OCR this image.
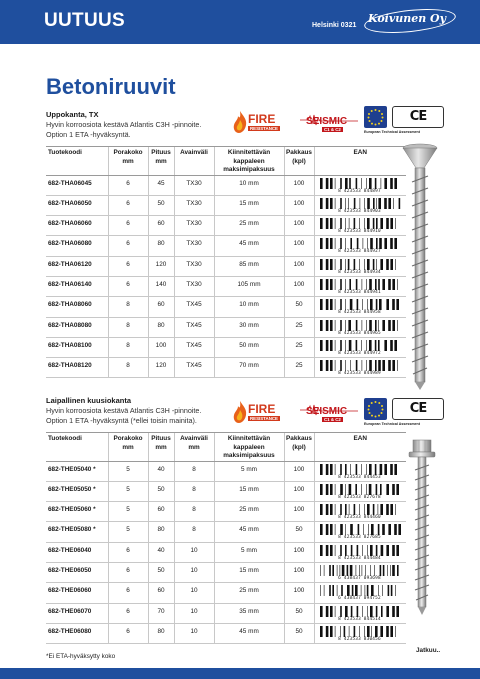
UUTUUS	Helsinki 0321
Koivunen Oy
Betoniruuvit
Uppokanta, TX
Hyvin korroosiota kestävä Atlantis C3H -pinnoite.
Option 1 ETA -hyväksyntä.
FIRE
RESISTANCE
SEISMIC
C1 & C2
CE
European Technical Assessment
Tuotekoodi	Porakoko mm	Pituus mm	Avainväli	Kiinnitettävän kappaleen maksimipaksuus	Pakkaus (kpl)	EAN
682-THA06045	6	45	TX30	10 mm	100	8 423533 844897

682-THA06050	6	50	TX30	15 mm	100	8 423533 844903

682-THA06060	6	60	TX30	25 mm	100	8 423533 844910

682-THA06080	6	80	TX30	45 mm	100	8 423533 844927

682-THA06120	6	120	TX30	85 mm	100	8 423533 844934

682-THA06140	6	140	TX30	105 mm	100	8 423533 844941

682-THA08060	8	60	TX45	10 mm	50	8 423533 844958

682-THA08080	8	80	TX45	30 mm	25	8 423533 844965

682-THA08100	8	100	TX45	50 mm	25	8 423533 844972

682-THA08120	8	120	TX45	70 mm	25	8 423533 844989
Laipallinen kuusiokanta
Hyvin korroosiota kestävä Atlantis C3H -pinnoite.
Option 1 ETA -hyväksyntä (*ellei toisin mainita).
FIRE
RESISTANCE
SEISMIC
C1 & C2
CE
European Technical Assessment
Tuotekoodi	Porakoko mm	Pituus mm	Avainväli mm	Kiinnitettävän kappaleen maksimipaksuus	Pakkaus (kpl)	EAN
682-THE05040 *	5	40	8	5 mm	100	8 423533 844453

682-THE05050 *	5	50	8	15 mm	100	8 423533 827678

682-THE05060 *	5	60	8	25 mm	100	8 423533 844460

682-THE05080 *	5	80	8	45 mm	50	8 423533 827685

682-THE06040	6	40	10	5 mm	100	8 423533 844484

682-THE06050	6	50	10	15 mm	100	6 438437 093698

682-THE06060	6	60	10	25 mm	100	6 438437 094752

682-THE06070	6	70	10	35 mm	50	8 423533 844514

682-THE06080	6	80	10	45 mm	50	8 423533 830456
*Ei ETA-hyväksytty koko
Jatkuu..
